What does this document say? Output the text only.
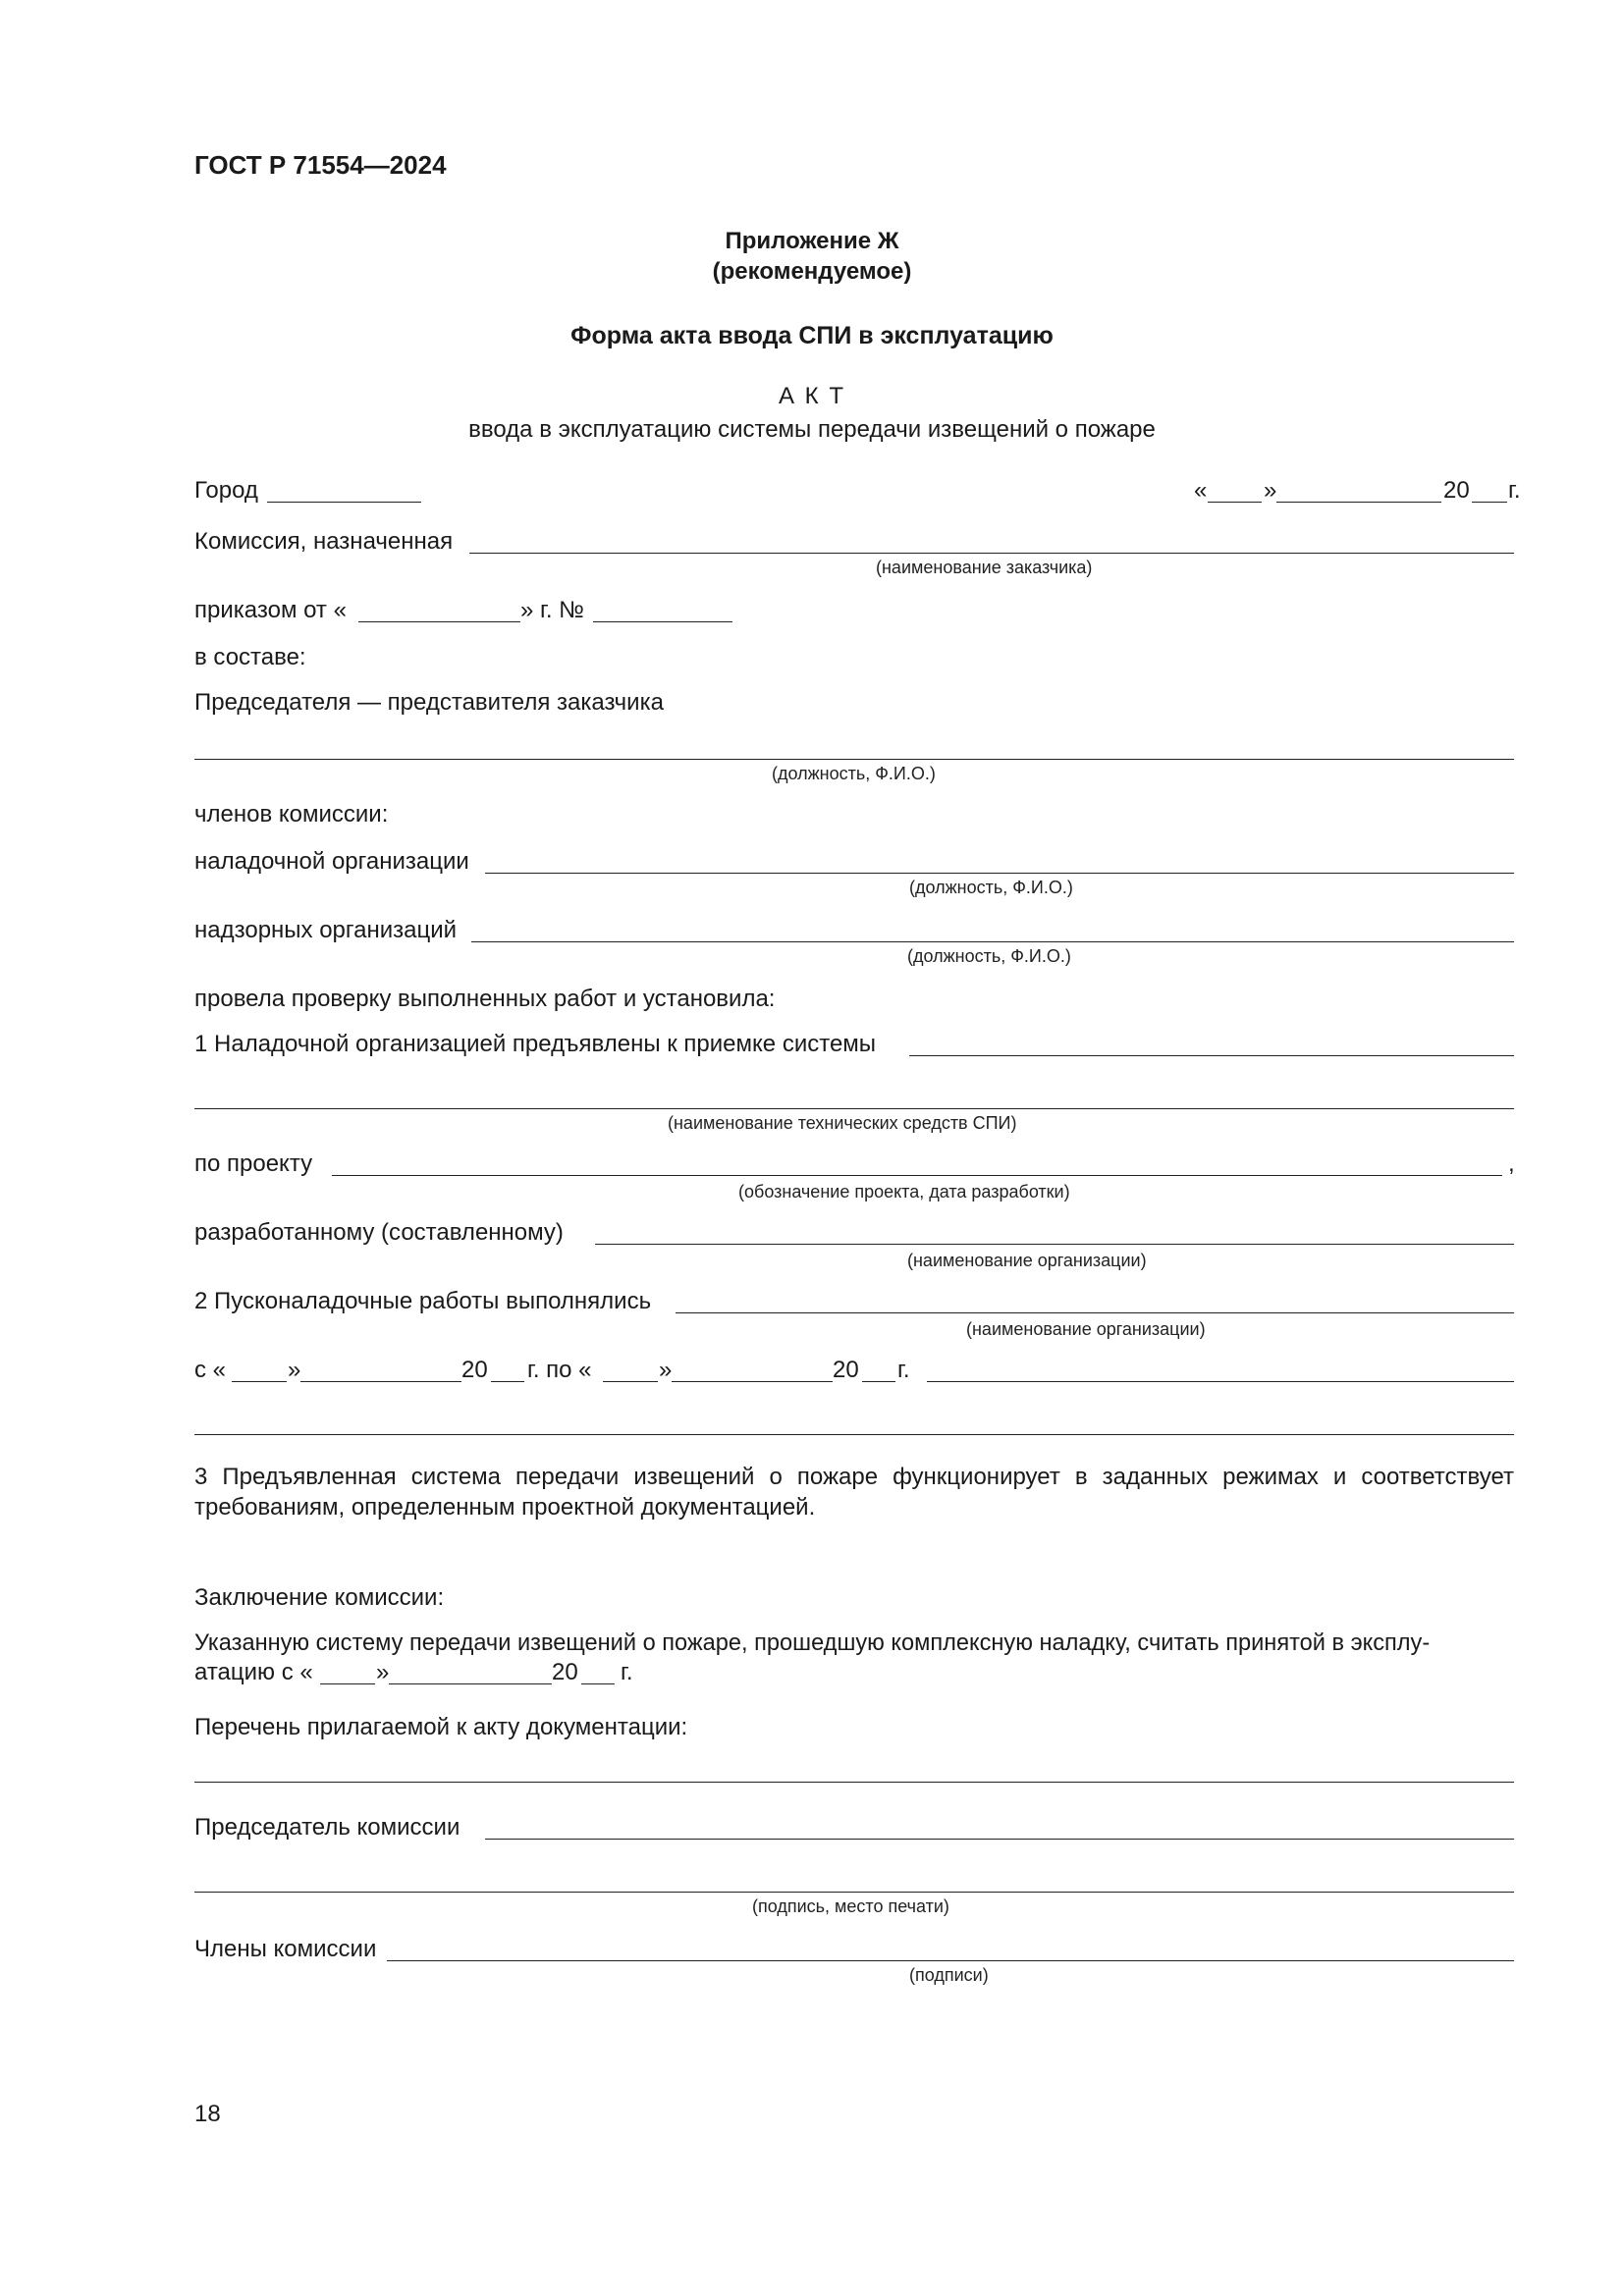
ГОСТ Р 71554—2024
Приложение Ж
(рекомендуемое)
Форма акта ввода СПИ в эксплуатацию
А К Т
ввода в эксплуатацию системы передачи извещений о пожаре
Город	« »	20 г.
Комиссия, назначенная
(наименование заказчика)
приказом от «	» г. №
в составе:
Председателя — представителя заказчика
(должность, Ф.И.О.)
членов комиссии:
наладочной организации
(должность, Ф.И.О.)
надзорных организаций
(должность, Ф.И.О.)
провела проверку выполненных работ и установила:
1 Наладочной организацией предъявлены к приемке системы
(наименование технических средств СПИ)
по проекту	,
(обозначение проекта, дата разработки)
разработанному (составленному)
(наименование организации)
2 Пусконаладочные работы выполнялись
(наименование организации)
с «	»	20 г. по «	»	20 г.
3 Предъявленная система передачи извещений о пожаре функционирует в заданных режимах и соответствует требованиям, определенным проектной документацией.
Заключение комиссии:
Указанную систему передачи извещений о пожаре, прошедшую комплексную наладку, считать принятой в эксплу-
атацию с «	»	20 г.
Перечень прилагаемой к акту документации:
Председатель комиссии
(подпись, место печати)
Члены комиссии
(подписи)
18
